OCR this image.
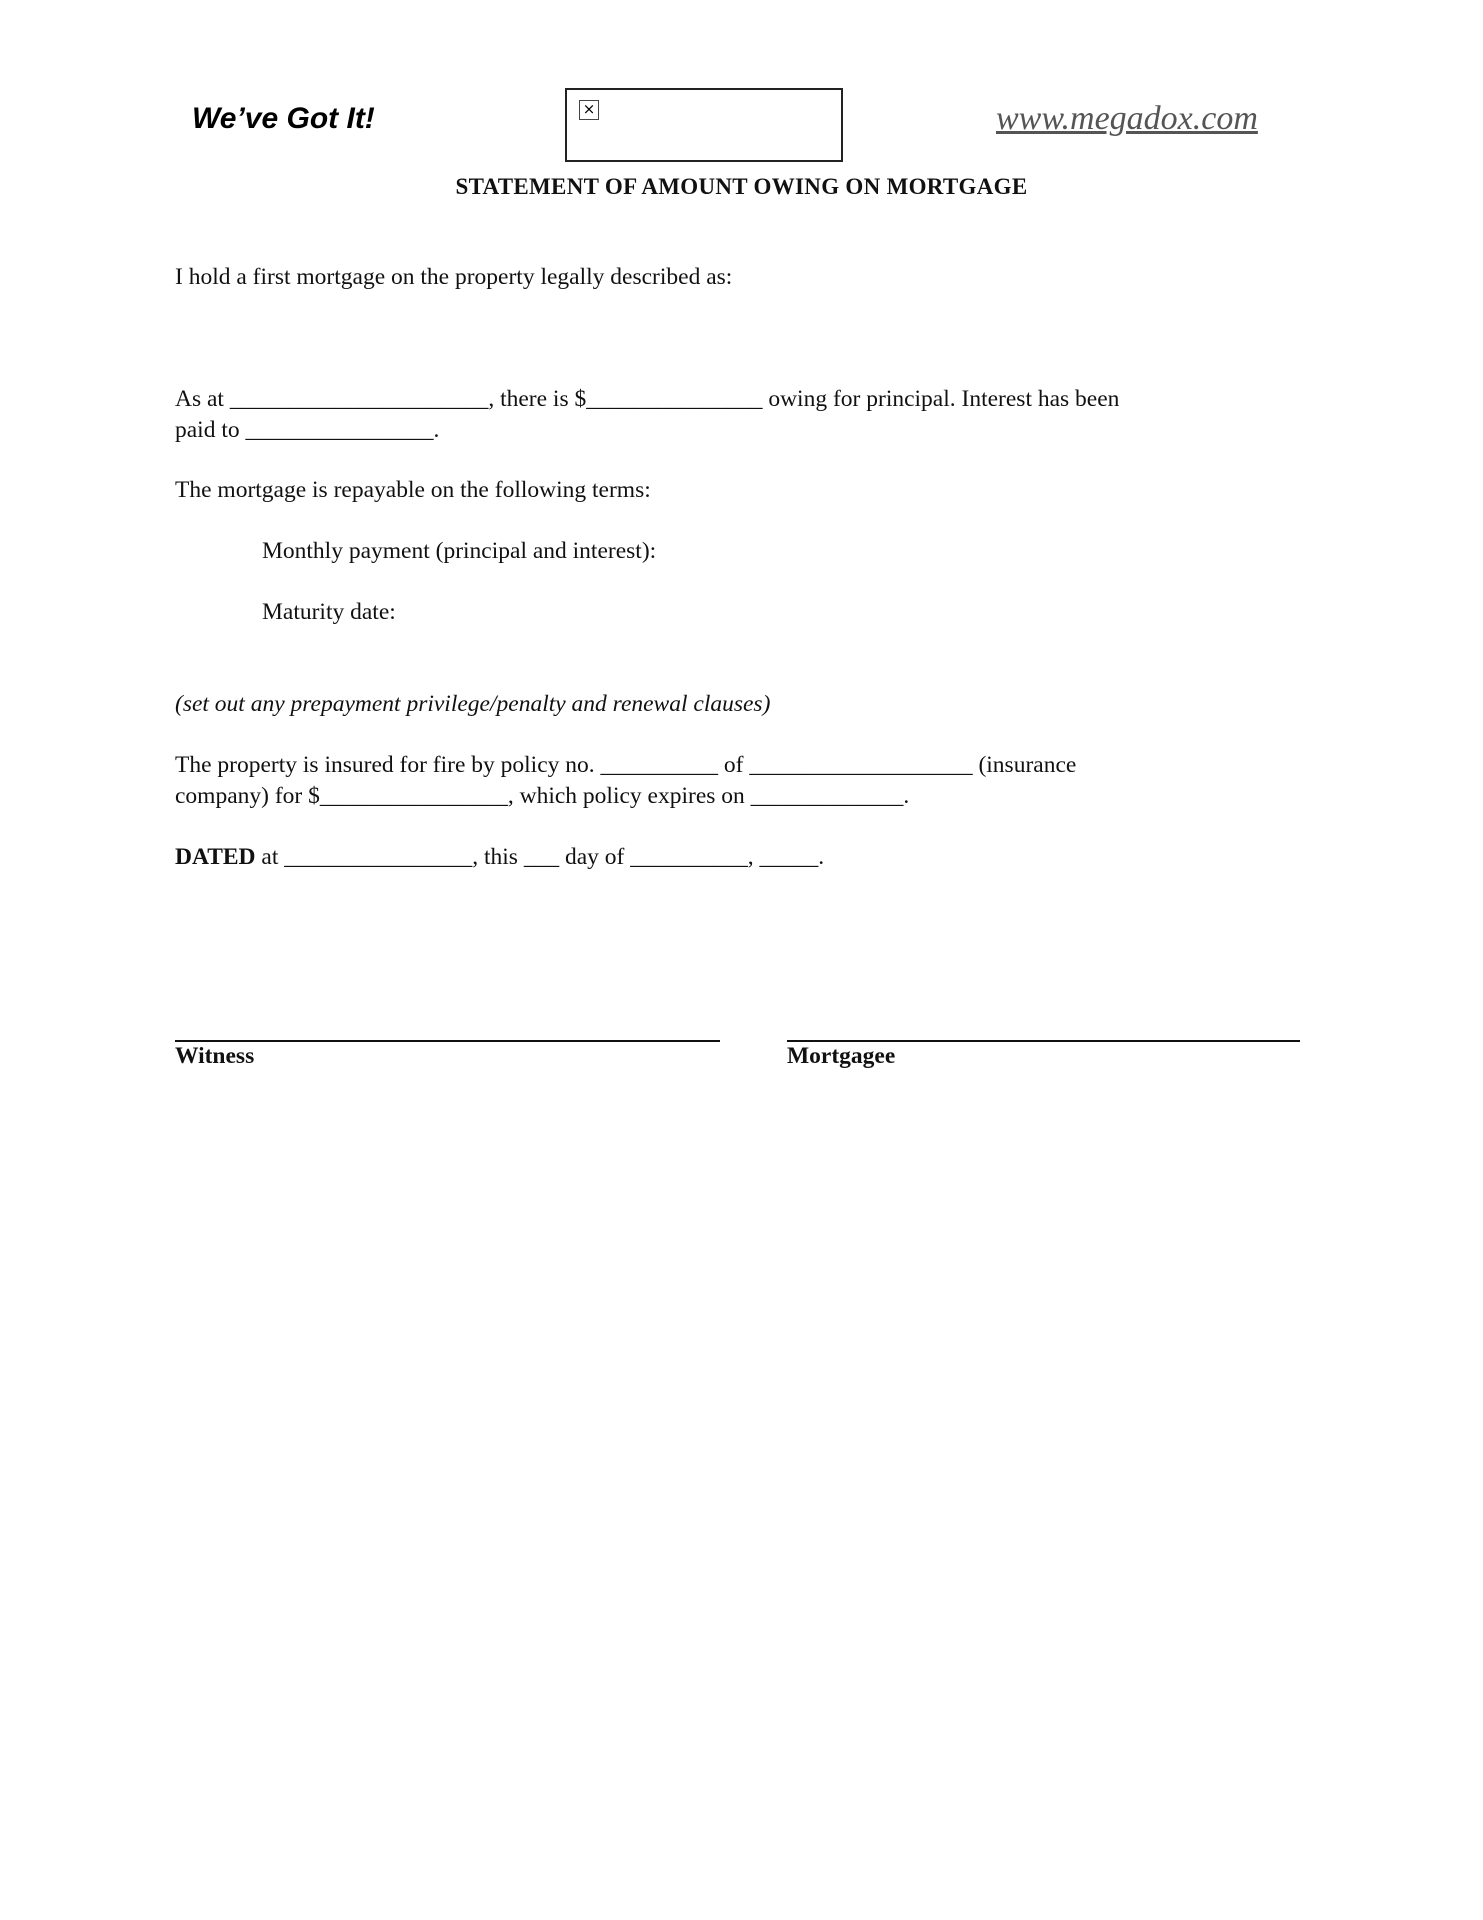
We’ve Got It!	×	www.megadox.com
STATEMENT OF AMOUNT OWING ON MORTGAGE
I hold a first mortgage on the property legally described as:
As at ______________________, there is $_______________ owing for principal. Interest has been
paid to ________________.
The mortgage is repayable on the following terms:
Monthly payment (principal and interest):
Maturity date:
(set out any prepayment privilege/penalty and renewal clauses)
The property is insured for fire by policy no. __________ of ___________________ (insurance
company) for $________________, which policy expires on _____________.
DATED at ________________, this ___ day of __________, _____.
Witness	Mortgagee
